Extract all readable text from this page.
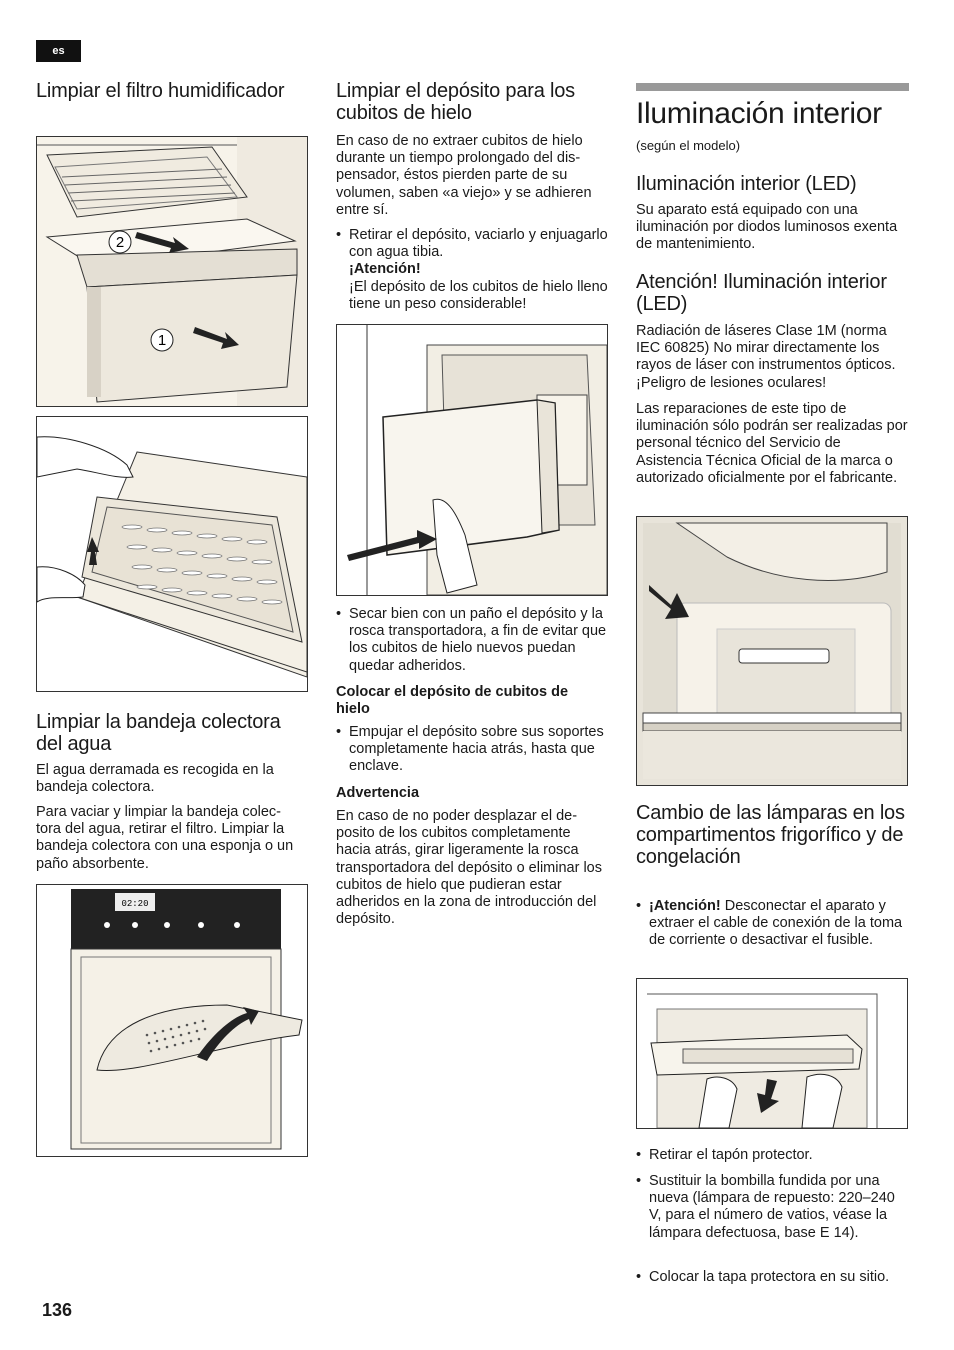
es
Limpiar el filtro humidificador
2
1
Limpiar la bandeja colectora del agua

El agua derramada es recogida en la bandeja colectora.

Para vaciar y limpiar la bandeja colectora del agua, retirar el filtro. Limpiar la bandeja colectora con una esponja o un paño absorbente.

02:20
Limpiar el depósito para los cubitos de hielo

En caso de no extraer cubitos de hielo durante un tiempo prolongado del dispensador, éstos pierden parte de su volumen, saben «a viejo» y se adhieren entre sí.

• Retirar el depósito, vaciarlo y enjuagarlo con agua tibia.
¡Atención!
¡El depósito de los cubitos de hielo lleno tiene un peso considerable!
• Secar bien con un paño el depósito y la rosca transportadora, a fin de evitar que los cubitos de hielo nuevos puedan quedar adheridos.

Colocar el depósito de cubitos de hielo

• Empujar el depósito sobre sus soportes completamente hacia atrás, hasta que enclave.

Advertencia

En caso de no poder desplazar el deposito de los cubitos completamente hacia atrás, girar ligeramente la rosca transportadora del depósito o eliminar los cubitos de hielo que pudieran estar adheridos en la zona de introducción del depósito.

Iluminación interior

(según el modelo)

Iluminación interior (LED)

Su aparato está equipado con una iluminación por diodos luminosos exenta de mantenimiento.

Atención! Iluminación interior (LED)

Radiación de láseres Clase 1M (norma IEC 60825) No mirar directamente los rayos de láser con instrumentos ópticos. ¡Peligro de lesiones oculares!

Las reparaciones de este tipo de iluminación sólo podrán ser realizadas por personal técnico del Servicio de Asistencia Técnica Oficial de la marca o autorizado oficialmente por el fabricante.

Cambio de las lámparas en los compartimentos frigorífico y de congelación
• ¡Atención! Desconectar el aparato y extraer el cable de conexión de la toma de corriente o desactivar el fusible.
• Retirar el tapón protector.
• Sustituir la bombilla fundida por una nueva (lámpara de repuesto: 220–240 V, para el número de vatios, véase la lámpara defectuosa, base E 14).
• Colocar la tapa protectora en su sitio.
136
